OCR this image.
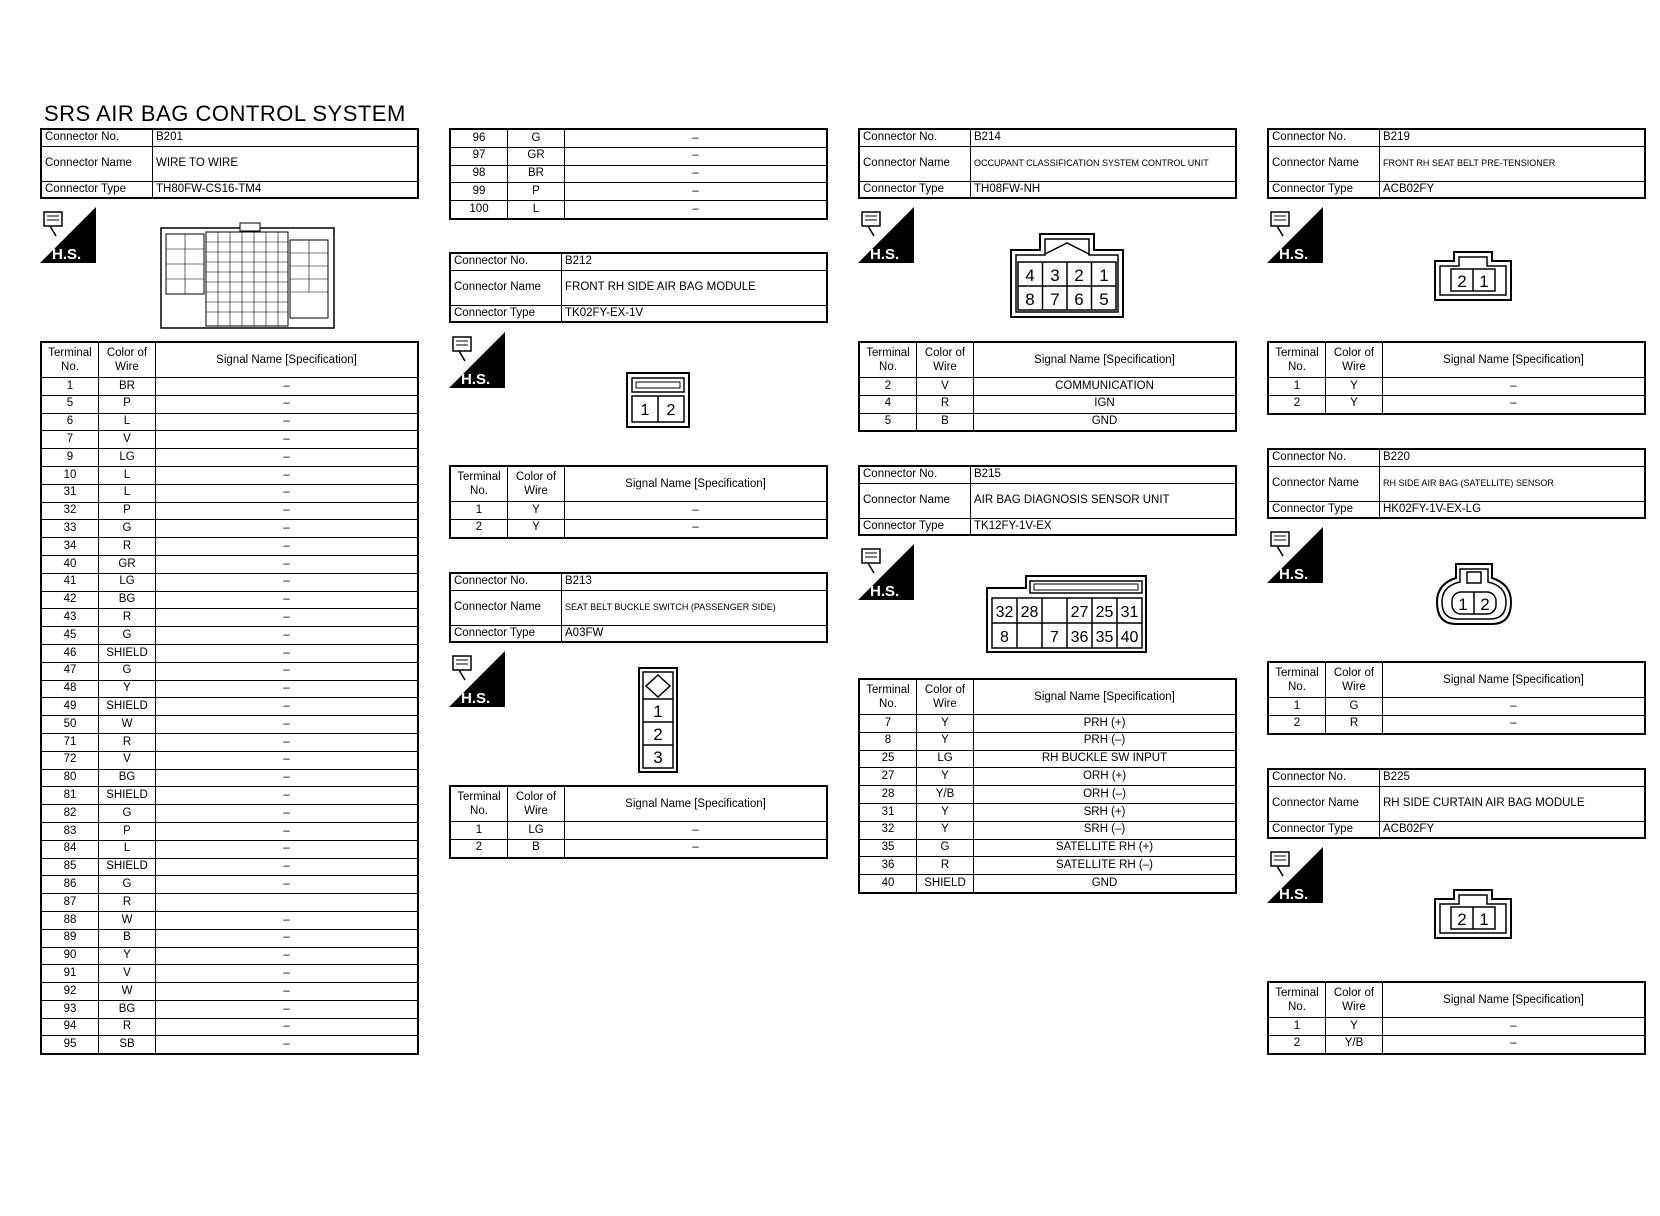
SRS AIR BAG CONTROL SYSTEM
Connector No.	B201
Connector Name	WIRE TO WIRE
Connector Type	TH80FW-CS16-TM4
H.S.
Terminal No.	Color of Wire	Signal Name [Specification]
1	BR	–
5	P	–
6	L	–
7	V	–
9	LG	–
10	L	–
31	L	–
32	P	–
33	G	–
34	R	–
40	GR	–
41	LG	–
42	BG	–
43	R	–
45	G	–
46	SHIELD	–
47	G	–
48	Y	–
49	SHIELD	–
50	W	–
71	R	–
72	V	–
80	BG	–
81	SHIELD	–
82	G	–
83	P	–
84	L	–
85	SHIELD	–
86	G	–
87	R	
88	W	–
89	B	–
90	Y	–
91	V	–
92	W	–
93	BG	–
94	R	–
95	SB	–
96	G	–
97	GR	–
98	BR	–
99	P	–
100	L	–
Connector No.	B212
Connector Name	FRONT RH SIDE AIR BAG MODULE
Connector Type	TK02FY-EX-1V
H.S.
1 2
Terminal No.	Color of Wire	Signal Name [Specification]
1	Y	–
2	Y	–
Connector No.	B213
Connector Name	SEAT BELT BUCKLE SWITCH (PASSENGER SIDE)
Connector Type	A03FW
H.S.
1
2
3
Terminal No.	Color of Wire	Signal Name [Specification]
1	LG	–
2	B	–
Connector No.	B214
Connector Name	OCCUPANT CLASSIFICATION SYSTEM CONTROL UNIT
Connector Type	TH08FW-NH
H.S.
4 3 2 1
8 7 6 5
Terminal No.	Color of Wire	Signal Name [Specification]
2	V	COMMUNICATION
4	R	IGN
5	B	GND
Connector No.	B215
Connector Name	AIR BAG DIAGNOSIS SENSOR UNIT
Connector Type	TK12FY-1V-EX
H.S.
32 28 27 25 31
8	7 36 35 40
Terminal No.	Color of Wire	Signal Name [Specification]
7	Y	PRH (+)
8	Y	PRH (–)
25	LG	RH BUCKLE SW INPUT
27	Y	ORH (+)
28	Y/B	ORH (–)
31	Y	SRH (+)
32	Y	SRH (–)
35	G	SATELLITE RH (+)
36	R	SATELLITE RH (–)
40	SHIELD	GND
Connector No.	B219
Connector Name	FRONT RH SEAT BELT PRE-TENSIONER
Connector Type	ACB02FY
H.S.
2 1
Terminal No.	Color of Wire	Signal Name [Specification]
1	Y	–
2	Y	–
Connector No.	B220
Connector Name	RH SIDE AIR BAG (SATELLITE) SENSOR
Connector Type	HK02FY-1V-EX-LG
H.S.
1 2
Terminal No.	Color of Wire	Signal Name [Specification]
1	G	–
2	R	–
Connector No.	B225
Connector Name	RH SIDE CURTAIN AIR BAG MODULE
Connector Type	ACB02FY
H.S.
2 1
Terminal No.	Color of Wire	Signal Name [Specification]
1	Y	–
2	Y/B	–
